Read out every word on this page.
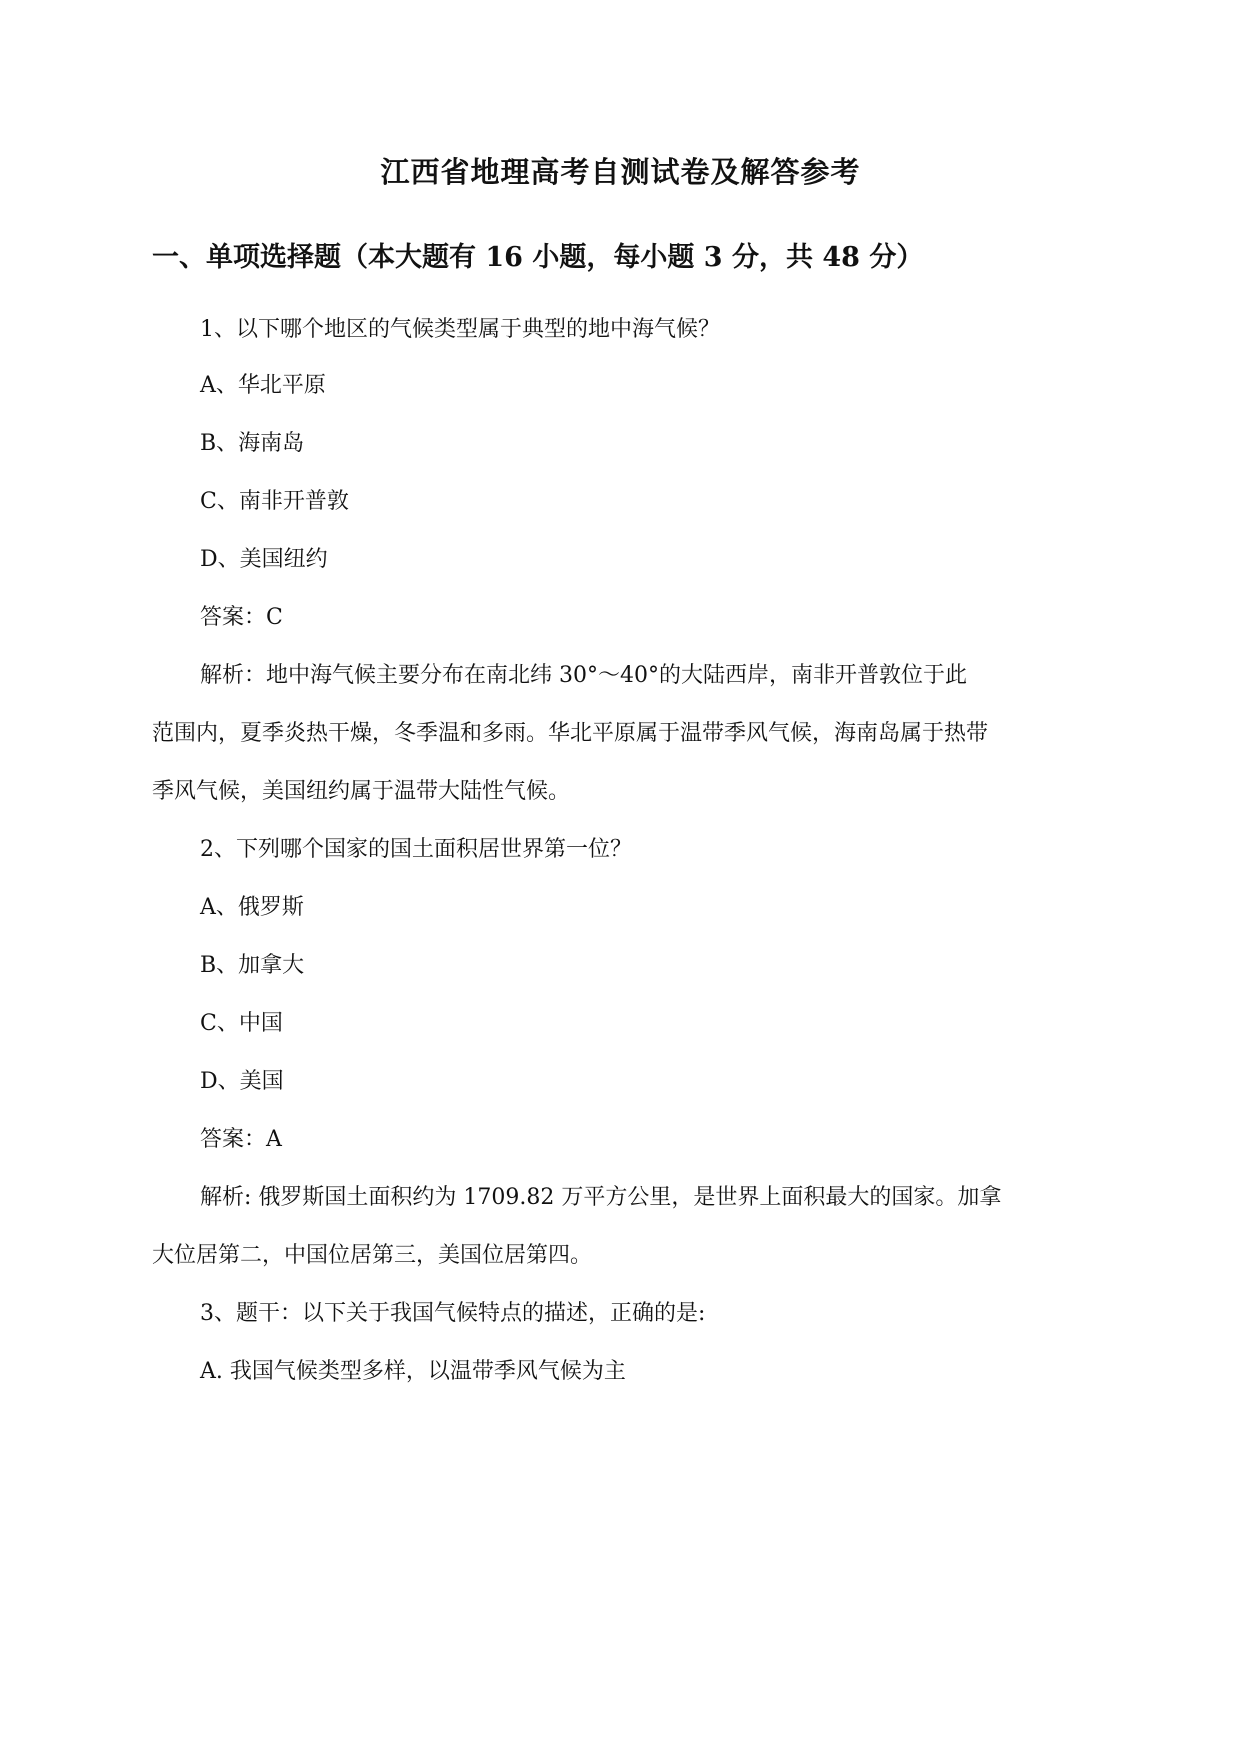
江西省地理高考自测试卷及解答参考
一、单项选择题（本大题有 16 小题，每小题 3 分，共 48 分）
1、以下哪个地区的气候类型属于典型的地中海气候？
A、华北平原
B、海南岛
C、南非开普敦
D、美国纽约
答案：C
解析：地中海气候主要分布在南北纬 30°～40°的大陆西岸，南非开普敦位于此
范围内，夏季炎热干燥，冬季温和多雨。华北平原属于温带季风气候，海南岛属于热带
季风气候，美国纽约属于温带大陆性气候。
2、下列哪个国家的国土面积居世界第一位？
A、俄罗斯
B、加拿大
C、中国
D、美国
答案：A
解析: 俄罗斯国土面积约为 1709.82 万平方公里，是世界上面积最大的国家。加拿
大位居第二，中国位居第三，美国位居第四。
3、题干：以下关于我国气候特点的描述，正确的是:
A. 我国气候类型多样，以温带季风气候为主
